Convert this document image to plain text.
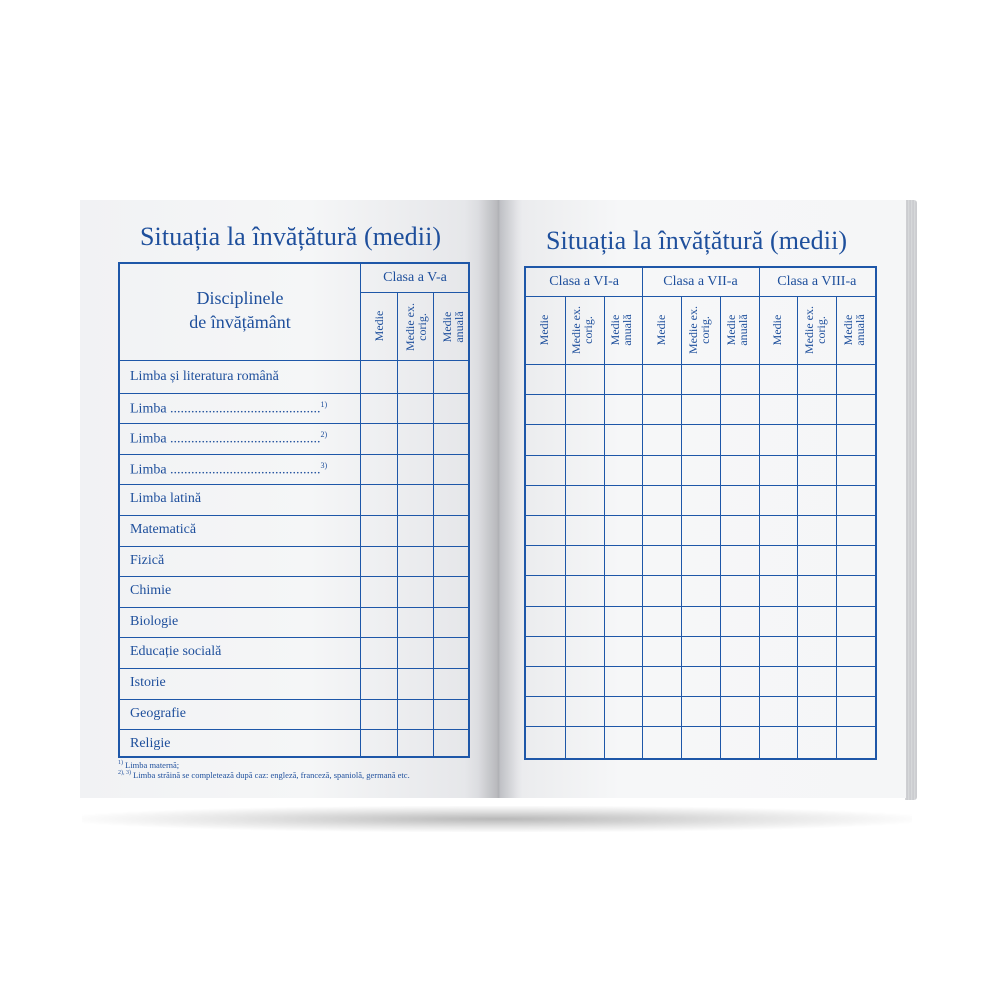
Situația la învățătură (medii)
Disciplinele
de învățământ
Clasa a V-a
Medie Medie ex.
corig. Medie
anuală
Limba și literatura română
Limba ...........................................$^{1)}$
Limba ...........................................$^{2)}$
Limba ...........................................$^{3)}$
Limba latină
Matematică
Fizică
Chimie
Biologie
Educație socială
Istorie
Geografie
Religie
$^{1)}$ Limba maternă;
$^{2), 3)}$ Limba străină se completează după caz: engleză, franceză, spaniolă, germană etc.
Situația la învățătură (medii)
Clasa a VI-a
Medie Medie ex.
corig. Medie
anuală
Clasa a VII-a
Medie Medie ex.
corig. Medie
anuală
Clasa a VIII-a
Medie Medie ex.
corig. Medie
anuală
